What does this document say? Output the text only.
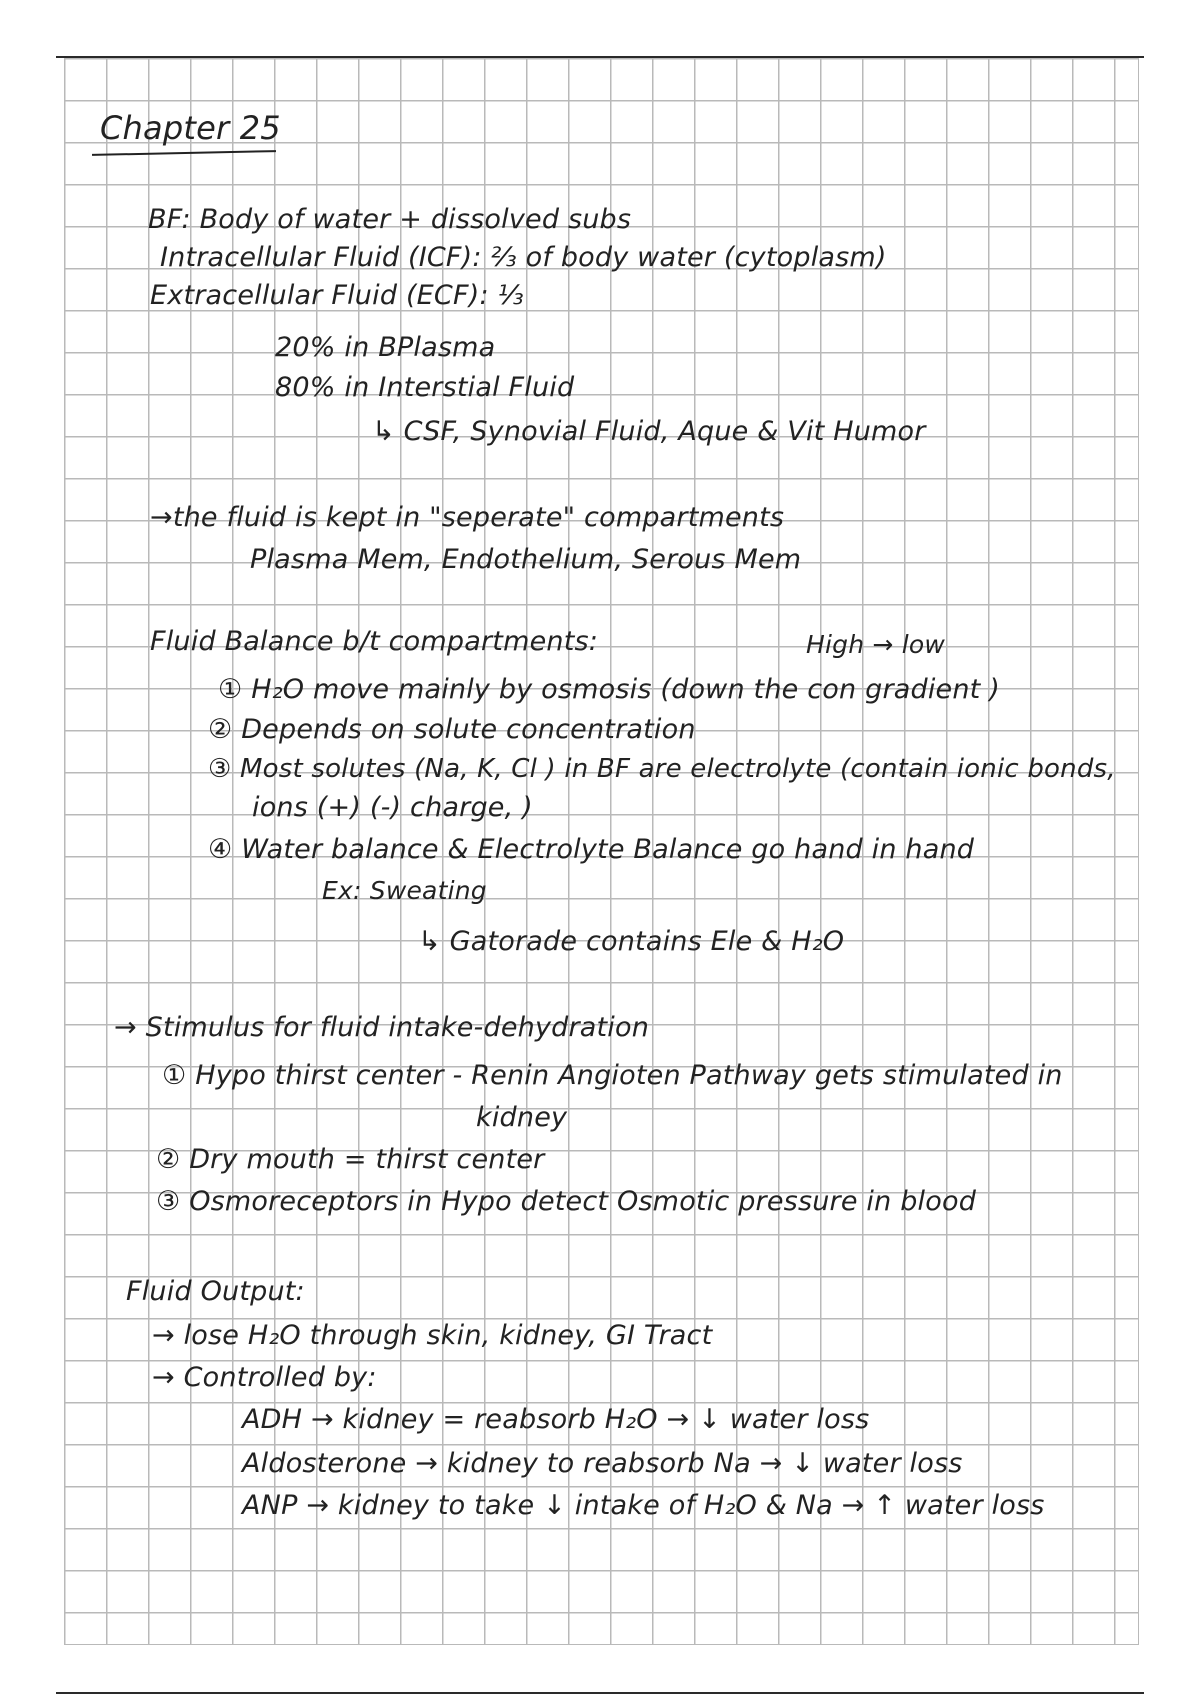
Chapter 25
BF: Body of water + dissolved subs
Intracellular Fluid (ICF): ⅔ of body water (cytoplasm)
Extracellular Fluid (ECF): ⅓
20% in BPlasma
80% in Interstial Fluid
↳ CSF, Synovial Fluid, Aque & Vit Humor
→the fluid is kept in "seperate" compartments
Plasma Mem, Endothelium, Serous Mem
Fluid Balance b/t compartments:	High → low
① H₂O move mainly by osmosis (down the con gradient )
② Depends on solute concentration
③ Most solutes (Na, K, Cl ) in BF are electrolyte (contain ionic bonds,
ions (+) (-) charge, )
④ Water balance & Electrolyte Balance go hand in hand
Ex: Sweating
↳ Gatorade contains Ele & H₂O
→ Stimulus for fluid intake-dehydration
① Hypo thirst center - Renin Angioten Pathway gets stimulated in
kidney
② Dry mouth = thirst center
③ Osmoreceptors in Hypo detect Osmotic pressure in blood
Fluid Output:
→ lose H₂O through skin, kidney, GI Tract
→ Controlled by:
ADH → kidney = reabsorb H₂O → ↓ water loss
Aldosterone → kidney to reabsorb Na → ↓ water loss
ANP → kidney to take ↓ intake of H₂O & Na → ↑ water loss
